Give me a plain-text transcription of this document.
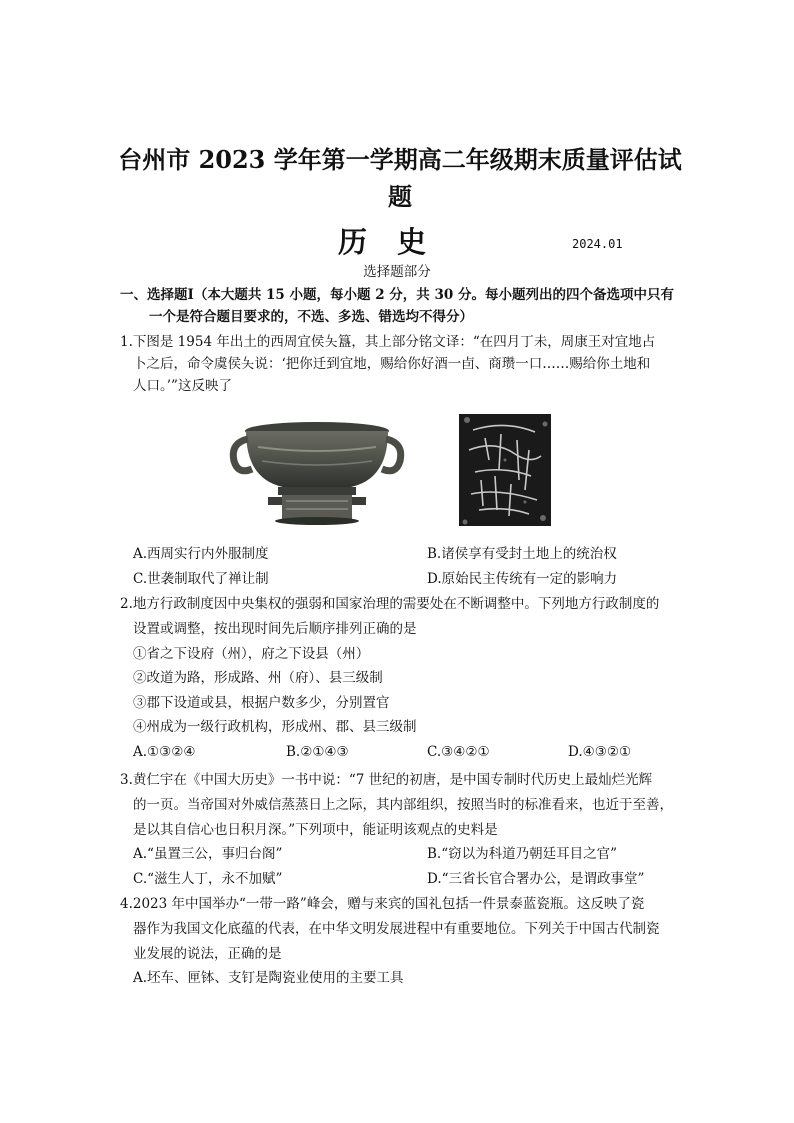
台州市 2023 学年第一学期高二年级期末质量评估试
题
历史	2024.01
选择题部分
一、选择题Ⅰ（本大题共 15 小题，每小题 2 分，共 30 分。每小题列出的四个备选项中只有
一个是符合题目要求的，不选、多选、错选均不得分）
1.下图是 1954 年出土的西周宜侯夨簋，其上部分铭文译：“在四月丁未，周康王对宜地占
卜之后，命令虞侯夨说：‘把你迁到宜地，赐给你好酒一卣、商瓒一口……赐给你土地和
人口。’”这反映了
A.西周实行内外服制度	B.诸侯享有受封土地上的统治权
C.世袭制取代了禅让制	D.原始民主传统有一定的影响力
2.地方行政制度因中央集权的强弱和国家治理的需要处在不断调整中。下列地方行政制度的
设置或调整，按出现时间先后顺序排列正确的是
①省之下设府（州），府之下设县（州）
②改道为路，形成路、州（府）、县三级制
③郡下设道或县，根据户数多少，分别置官
④州成为一级行政机构，形成州、郡、县三级制
A.①③②④	B.②①④③	C.③④②①	D.④③②①
3.黄仁宇在《中国大历史》一书中说：“7 世纪的初唐，是中国专制时代历史上最灿烂光辉
的一页。当帝国对外威信蒸蒸日上之际，其内部组织，按照当时的标准看来，也近于至善，
是以其自信心也日积月深。”下列项中，能证明该观点的史料是
A.“虽置三公，事归台阁”	B.“窃以为科道乃朝廷耳目之官”
C.“滋生人丁，永不加赋”	D.“三省长官合署办公，是谓政事堂”
4.2023 年中国举办“一带一路”峰会，赠与来宾的国礼包括一件景泰蓝瓷瓶。这反映了瓷
器作为我国文化底蕴的代表，在中华文明发展进程中有重要地位。下列关于中国古代制瓷
业发展的说法，正确的是
A.坯车、匣钵、支钉是陶瓷业使用的主要工具
